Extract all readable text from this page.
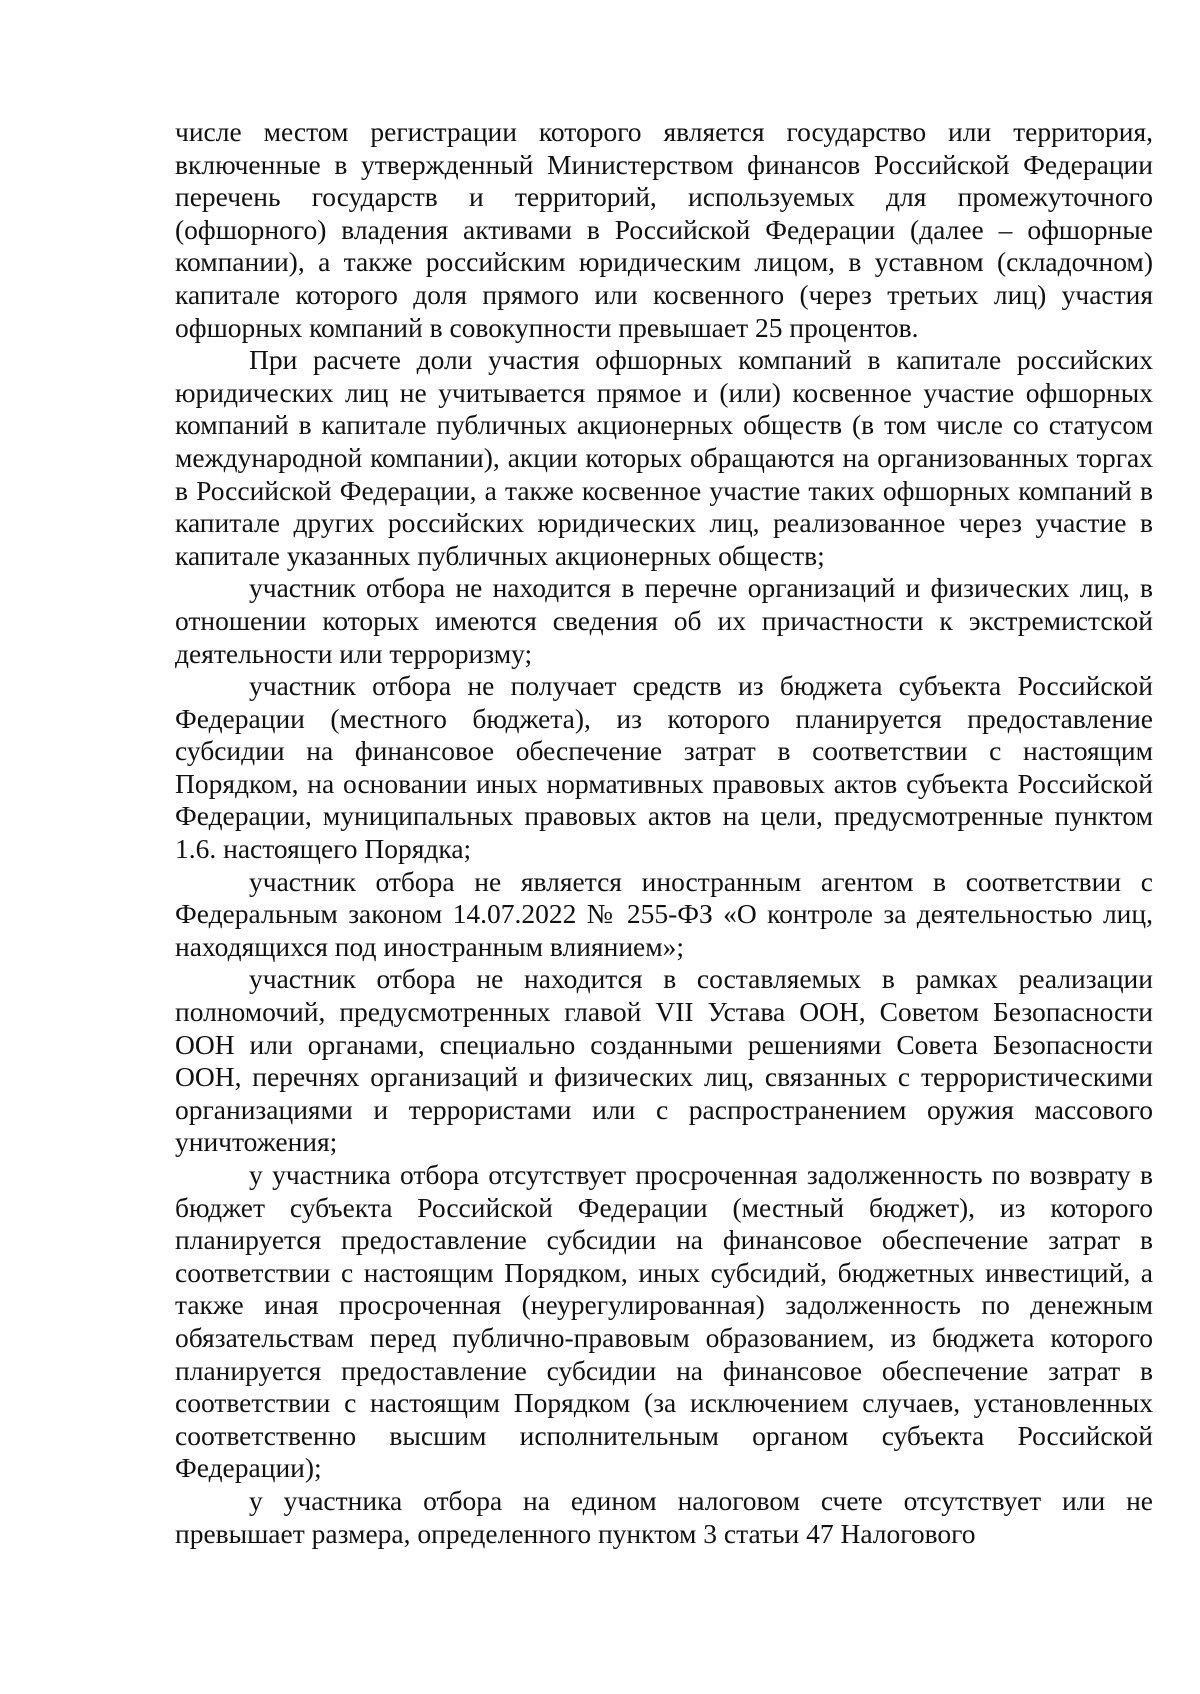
числе местом регистрации которого является государство или территория, включенные в утвержденный Министерством финансов Российской Федерации перечень государств и территорий, используемых для промежуточного (офшорного) владения активами в Российской Федерации (далее – офшорные компании), а также российским юридическим лицом, в уставном (складочном) капитале которого доля прямого или косвенного (через третьих лиц) участия офшорных компаний в совокупности превышает 25 процентов.

При расчете доли участия офшорных компаний в капитале российских юридических лиц не учитывается прямое и (или) косвенное участие офшорных компаний в капитале публичных акционерных обществ (в том числе со статусом международной компании), акции которых обращаются на организованных торгах в Российской Федерации, а также косвенное участие таких офшорных компаний в капитале других российских юридических лиц, реализованное через участие в капитале указанных публичных акционерных обществ;

участник отбора не находится в перечне организаций и физических лиц, в отношении которых имеются сведения об их причастности к экстремистской деятельности или терроризму;

участник отбора не получает средств из бюджета субъекта Российской Федерации (местного бюджета), из которого планируется предоставление субсидии на финансовое обеспечение затрат в соответствии с настоящим Порядком, на основании иных нормативных правовых актов субъекта Российской Федерации, муниципальных правовых актов на цели, предусмотренные пунктом 1.6. настоящего Порядка;

участник отбора не является иностранным агентом в соответствии с Федеральным законом 14.07.2022 № 255-ФЗ «О контроле за деятельностью лиц, находящихся под иностранным влиянием»;

участник отбора не находится в составляемых в рамках реализации полномочий, предусмотренных главой VII Устава ООН, Советом Безопасности ООН или органами, специально созданными решениями Совета Безопасности ООН, перечнях организаций и физических лиц, связанных с террористическими организациями и террористами или с распространением оружия массового уничтожения;

у участника отбора отсутствует просроченная задолженность по возврату в бюджет субъекта Российской Федерации (местный бюджет), из которого планируется предоставление субсидии на финансовое обеспечение затрат в соответствии с настоящим Порядком, иных субсидий, бюджетных инвестиций, а также иная просроченная (неурегулированная) задолженность по денежным обязательствам перед публично-правовым образованием, из бюджета которого планируется предоставление субсидии на финансовое обеспечение затрат в соответствии с настоящим Порядком (за исключением случаев, установленных соответственно высшим исполнительным органом субъекта Российской Федерации);

у участника отбора на едином налоговом счете отсутствует или не превышает размера, определенного пунктом 3 статьи 47 Налогового
